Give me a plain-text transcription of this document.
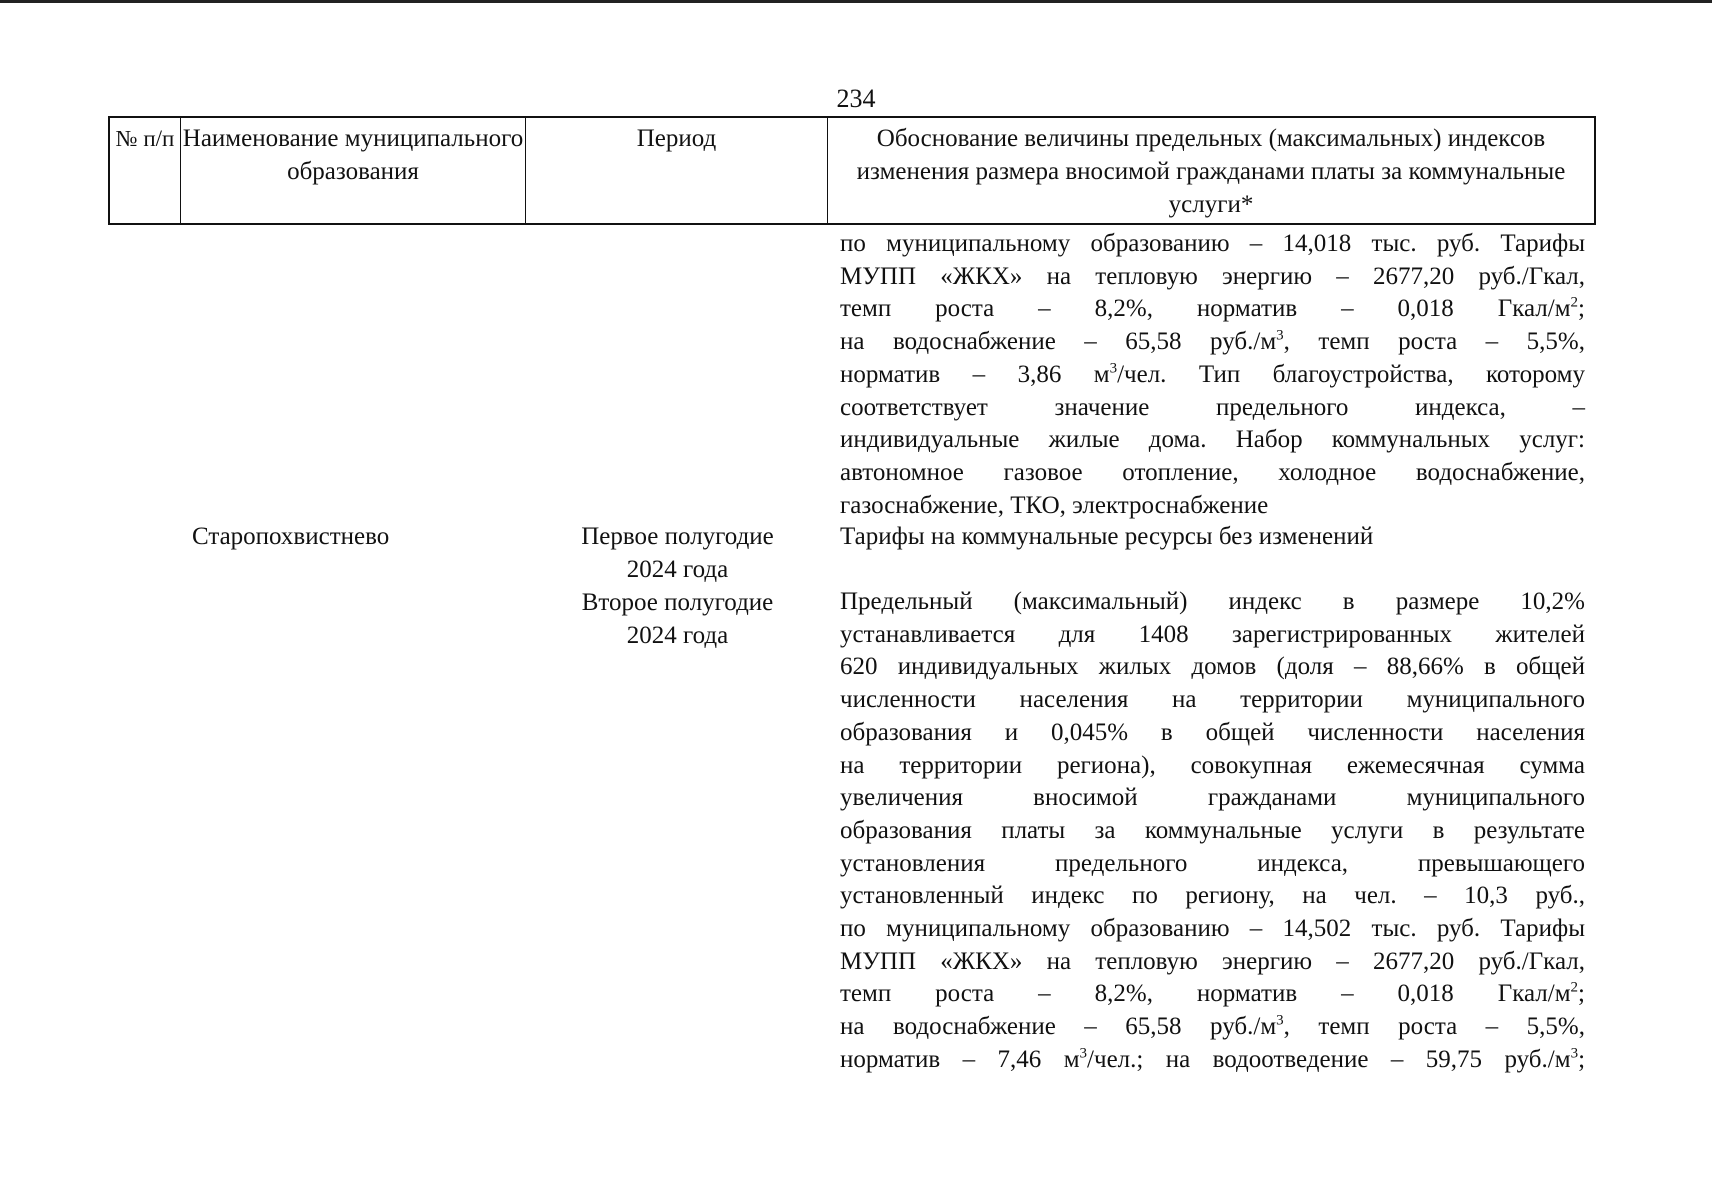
234
№ п/п Наименование муниципального образования
Период	Обоснование величины предельных (максимальных) индексов изменения размера вносимой гражданами платы за коммунальные услуги*
по муниципальному образованию – 14,018 тыс. руб. Тарифы
МУПП «ЖКХ» на тепловую энергию – 2677,20 руб./Гкал,
темп роста – 8,2%, норматив – 0,018 Гкал/$м^2$;
на водоснабжение – 65,58 $руб./м^3$, темп роста – 5,5%,
норматив – 3,86 $м^3$/чел. Тип благоустройства, которому
соответствует значение предельного индекса, –
индивидуальные жилые дома. Набор коммунальных услуг:
автономное газовое отопление, холодное водоснабжение,
газоснабжение, ТКО, электроснабжение
Старопохвистнево	Первое полугодие
2024 года
Тарифы на коммунальные ресурсы без изменений
Второе полугодие
2024 года
Предельный (максимальный) индекс в размере 10,2%
устанавливается для 1408 зарегистрированных жителей
620 индивидуальных жилых домов (доля – 88,66% в общей
численности населения на территории муниципального
образования и 0,045% в общей численности населения
на территории региона), совокупная ежемесячная сумма
увеличения вносимой гражданами муниципального
образования платы за коммунальные услуги в результате
установления предельного индекса, превышающего
установленный индекс по региону, на чел. – 10,3 руб.,
по муниципальному образованию – 14,502 тыс. руб. Тарифы
МУПП «ЖКХ» на тепловую энергию – 2677,20 руб./Гкал,
темп роста – 8,2%, норматив – 0,018 Гкал/$м^2$;
на водоснабжение – 65,58 $руб./м^3$, темп роста – 5,5%,
норматив – 7,46 $м^3$/чел.; на водоотведение – 59,75 $руб./м^3$;
